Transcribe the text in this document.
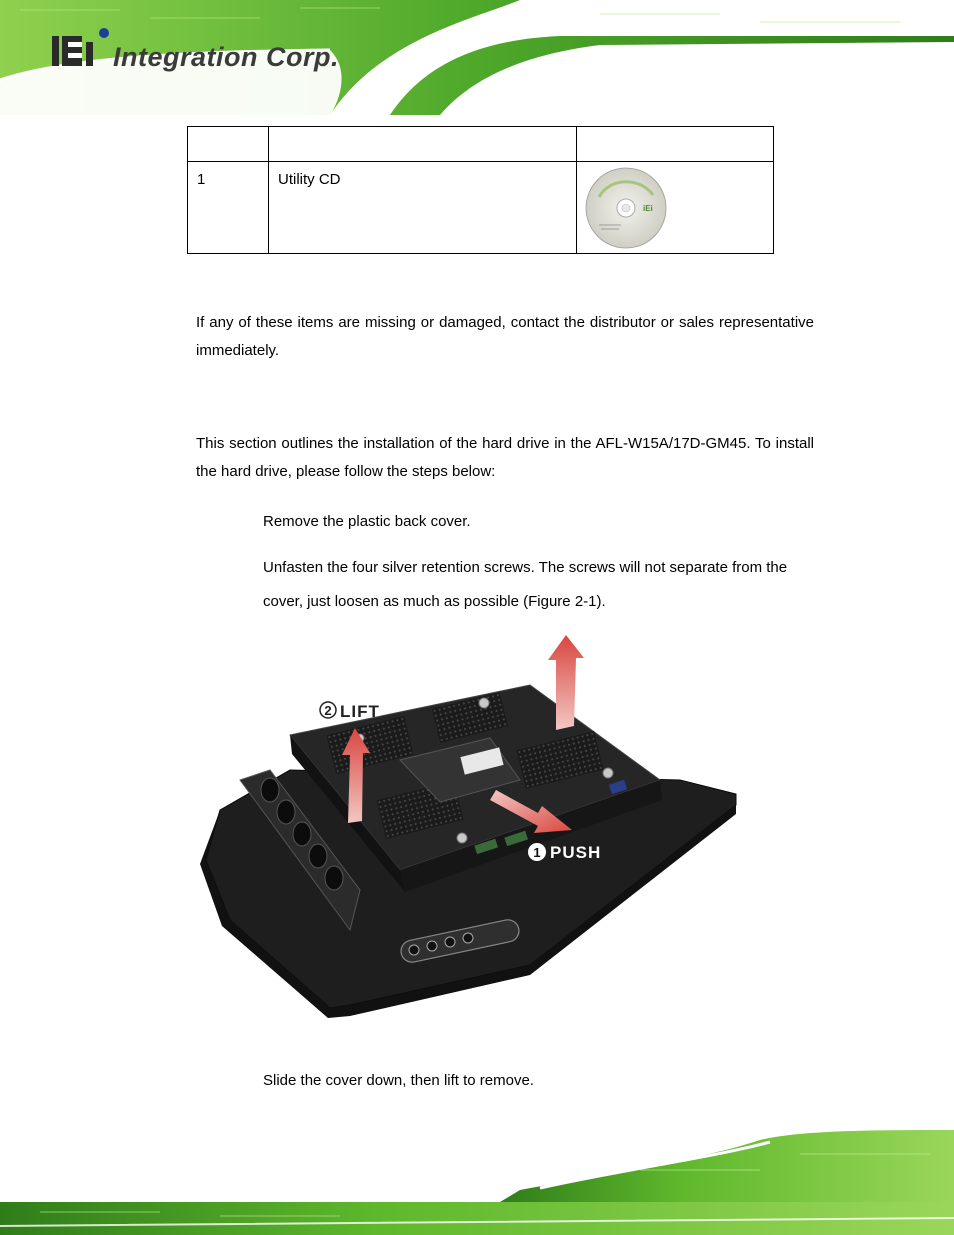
Integration Corp.

1	Utility CD	iEi
If any of these items are missing or damaged, contact the distributor or sales representative immediately.
This section outlines the installation of the hard drive in the AFL-W15A/17D-GM45. To install the hard drive, please follow the steps below:
Remove the plastic back cover.
Unfasten the four silver retention screws. The screws will not separate from the cover, just loosen as much as possible (Figure 2-1).
2 LIFT
1 PUSH
Slide the cover down, then lift to remove.
